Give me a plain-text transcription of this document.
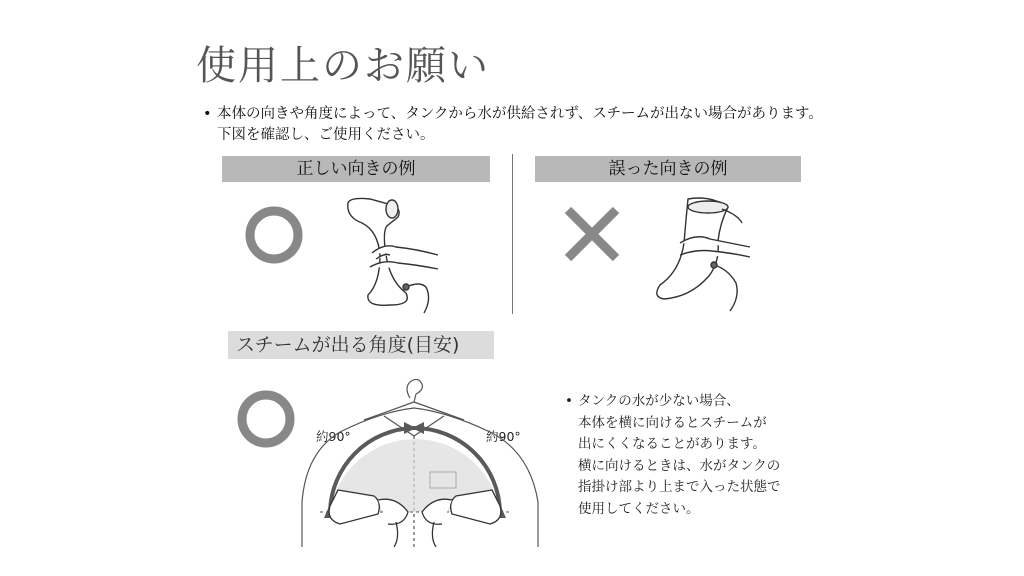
使用上のお願い
• 本体の向きや角度によって、タンクから水が供給されず、スチームが出ない場合があります。下図を確認し、ご使用ください。
正しい向きの例	誤った向きの例
スチームが出る角度(目安)
約90°	約90°
• タンクの水が少ない場合、
本体を横に向けるとスチームが
出にくくなることがあります。
横に向けるときは、水がタンクの
指掛け部より上まで入った状態で
使用してください。
